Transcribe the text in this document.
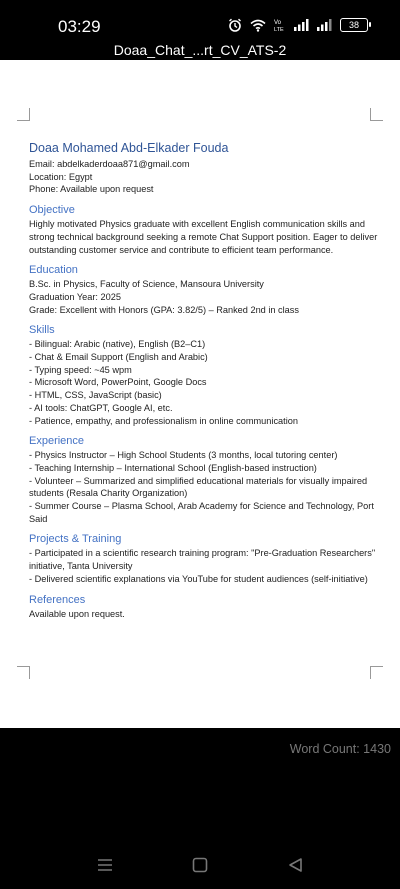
03:29	Vo
LTE	38
Doaa_Chat_...rt_CV_ATS-2
Doaa Mohamed Abd-Elkader Fouda
Email: abdelkaderdoaa871@gmail.com
Location: Egypt
Phone: Available upon request
Objective
Highly motivated Physics graduate with excellent English communication skills and strong technical background seeking a remote Chat Support position. Eager to deliver outstanding customer service and contribute to efficient team performance.
Education
B.Sc. in Physics, Faculty of Science, Mansoura University
Graduation Year: 2025
Grade: Excellent with Honors (GPA: 3.82/5) – Ranked 2nd in class
Skills
- Bilingual: Arabic (native), English (B2–C1)
- Chat & Email Support (English and Arabic)
- Typing speed: ~45 wpm
- Microsoft Word, PowerPoint, Google Docs
- HTML, CSS, JavaScript (basic)
- AI tools: ChatGPT, Google AI, etc.
- Patience, empathy, and professionalism in online communication
Experience
- Physics Instructor – High School Students (3 months, local tutoring center)
- Teaching Internship – International School (English-based instruction)
- Volunteer – Summarized and simplified educational materials for visually impaired students (Resala Charity Organization)
- Summer Course – Plasma School, Arab Academy for Science and Technology, Port Said
Projects & Training
- Participated in a scientific research training program: "Pre-Graduation Researchers" initiative, Tanta University
- Delivered scientific explanations via YouTube for student audiences (self-initiative)
References
Available upon request.
Word Count: 1430
